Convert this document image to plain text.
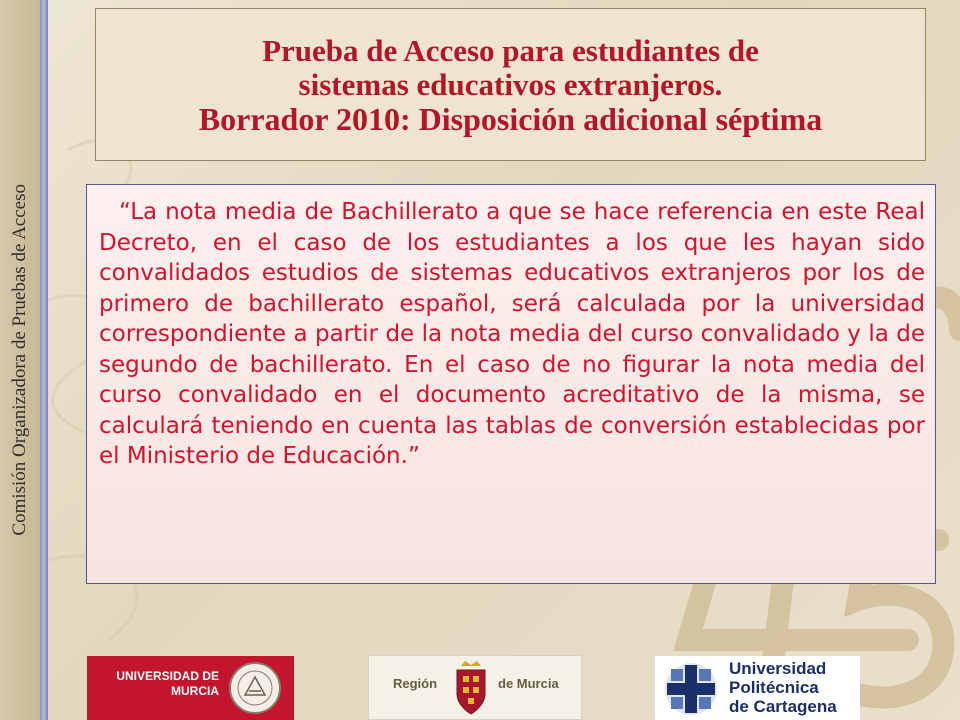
Comisión Organizadora de Pruebas de Acceso
Prueba de Acceso para estudiantes de
sistemas educativos extranjeros.
Borrador 2010: Disposición adicional séptima

“La nota media de Bachillerato a que se hace referencia en este Real Decreto, en el caso de los estudiantes a los que les hayan sido convalidados estudios de sistemas educativos extranjeros por los de primero de bachillerato español, será calculada por la universidad correspondiente a partir de la nota media del curso convalidado y la de segundo de bachillerato. En el caso de no figurar la nota media del curso convalidado en el documento acreditativo de la misma, se calculará teniendo en cuenta las tablas de conversión establecidas por el Ministerio de Educación.”

UNIVERSIDAD DE
MURCIA	Región	de Murcia
Universidad
Politécnica
de Cartagena
